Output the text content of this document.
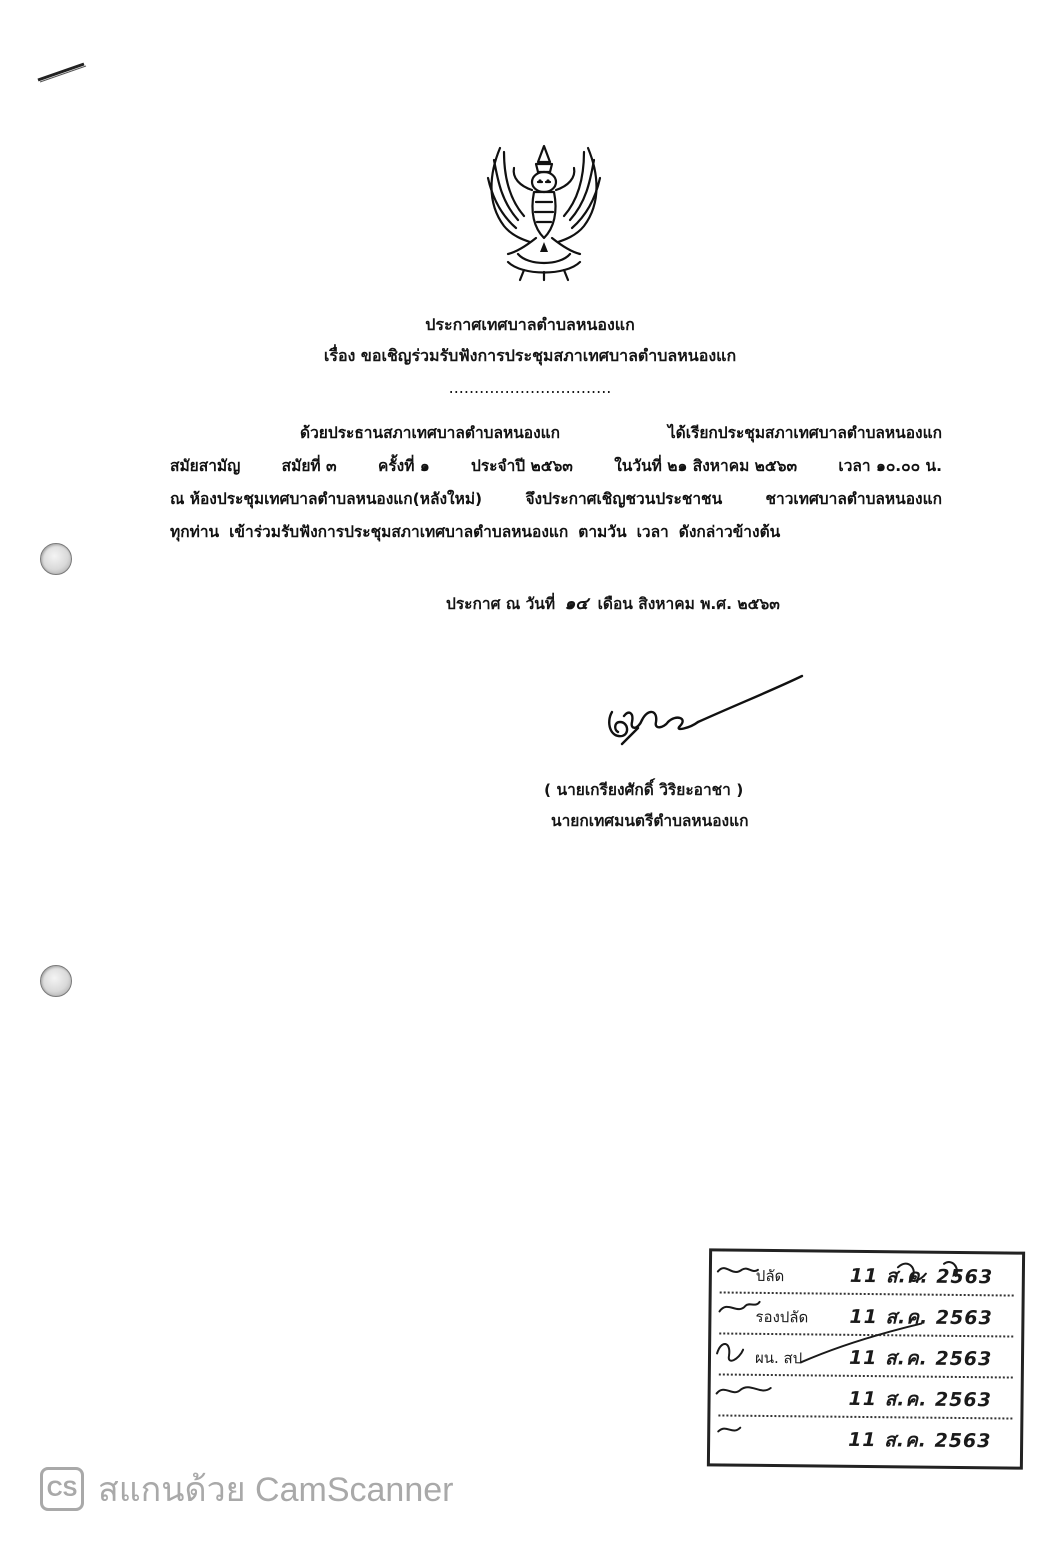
ประกาศเทศบาลตำบลหนองแก
เรื่อง ขอเชิญร่วมรับฟังการประชุมสภาเทศบาลตำบลหนองแก
................................
ด้วยประธานสภาเทศบาลตำบลหนองแก	ได้เรียกประชุมสภาเทศบาลตำบลหนองแก
สมัยสามัญ	สมัยที่ ๓	ครั้งที่ ๑	ประจำปี ๒๕๖๓	ในวันที่ ๒๑ สิงหาคม ๒๕๖๓	เวลา ๑๐.๐๐ น.
ณ ห้องประชุมเทศบาลตำบลหนองแก(หลังใหม่)	จึงประกาศเชิญชวนประชาชน	ชาวเทศบาลตำบลหนองแก
ทุกท่าน เข้าร่วมรับฟังการประชุมสภาเทศบาลตำบลหนองแก ตามวัน เวลา ดังกล่าวข้างต้น
ประกาศ ณ วันที่ ๑๔ เดือน สิงหาคม พ.ศ. ๒๕๖๓
( นายเกรียงศักดิ์ วิริยะอาชา )
นายกเทศมนตรีตำบลหนองแก
ปลัด	11 ส.ค. 2563
รองปลัด 11 ส.ค. 2563
ผน. สป 11 ส.ค. 2563
11 ส.ค. 2563
11 ส.ค. 2563
CS สแกนด้วย CamScanner
